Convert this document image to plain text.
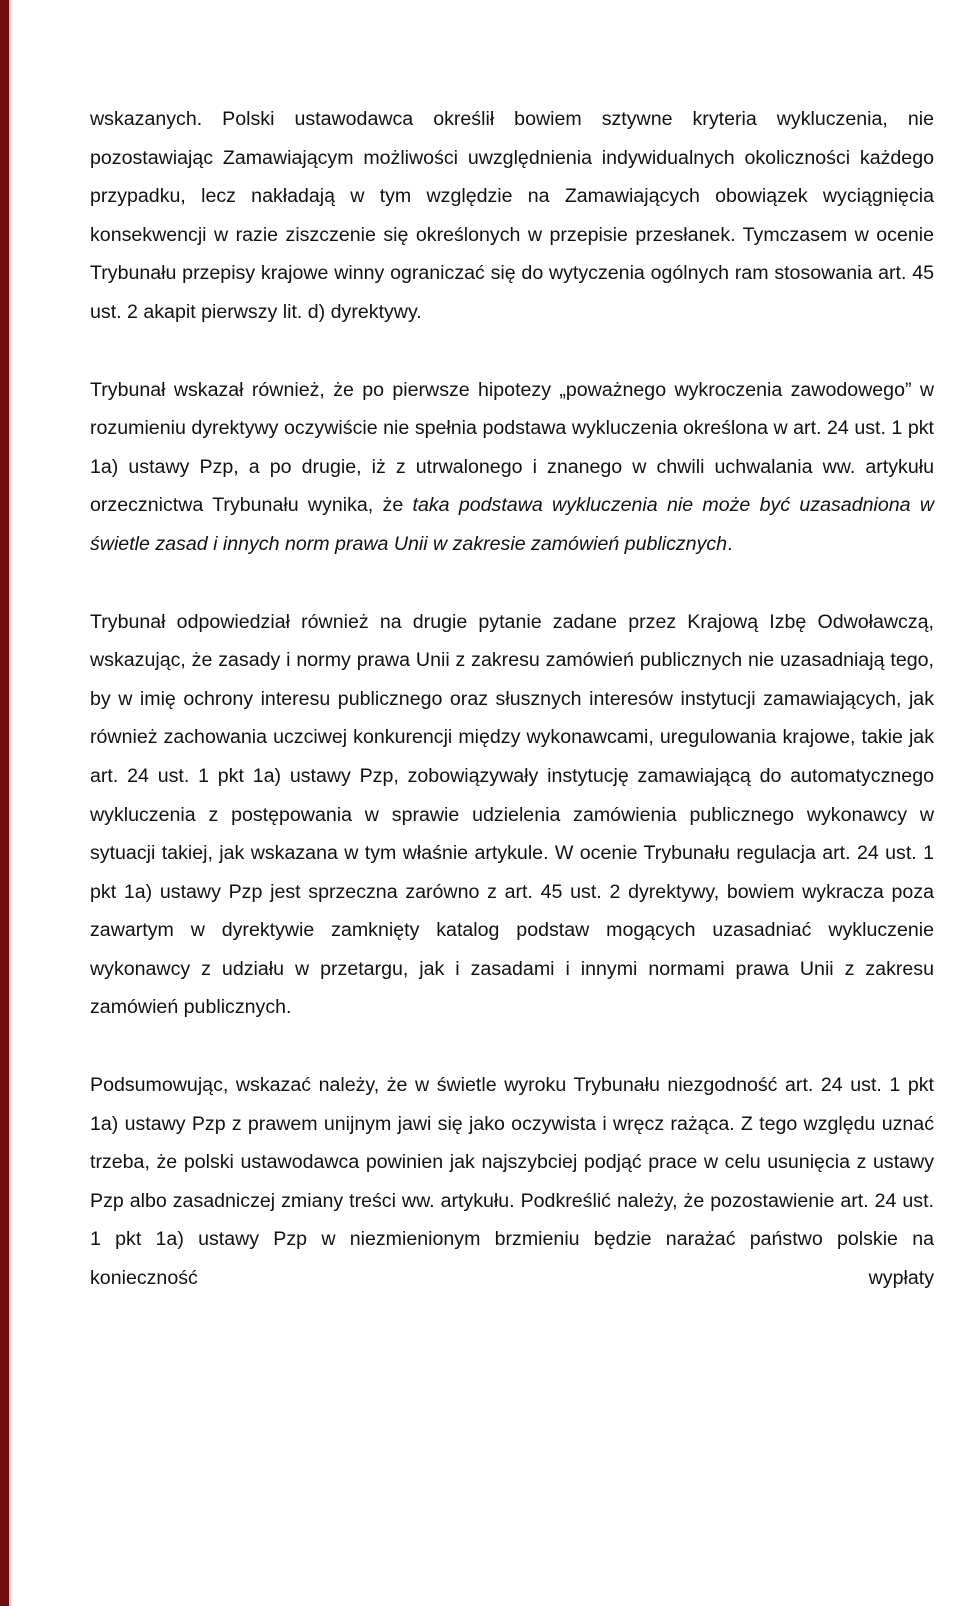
wskazanych. Polski ustawodawca określił bowiem sztywne kryteria wykluczenia, nie pozostawiając Zamawiającym możliwości uwzględnienia indywidualnych okoliczności każdego przypadku, lecz nakładają w tym względzie na Zamawiających obowiązek wyciągnięcia konsekwencji w razie ziszczenie się określonych w przepisie przesłanek. Tymczasem w ocenie Trybunału przepisy krajowe winny ograniczać się do wytyczenia ogólnych ram stosowania art. 45 ust. 2 akapit pierwszy lit. d) dyrektywy.

Trybunał wskazał również, że po pierwsze hipotezy „poważnego wykroczenia zawodowego” w rozumieniu dyrektywy oczywiście nie spełnia podstawa wykluczenia określona w art. 24 ust. 1 pkt 1a) ustawy Pzp, a po drugie, iż z utrwalonego i znanego w chwili uchwalania ww. artykułu orzecznictwa Trybunału wynika, że taka podstawa wykluczenia nie może być uzasadniona w świetle zasad i innych norm prawa Unii w zakresie zamówień publicznych.

Trybunał odpowiedział również na drugie pytanie zadane przez Krajową Izbę Odwoławczą, wskazując, że zasady i normy prawa Unii z zakresu zamówień publicznych nie uzasadniają tego, by w imię ochrony interesu publicznego oraz słusznych interesów instytucji zamawiających, jak również zachowania uczciwej konkurencji między wykonawcami, uregulowania krajowe, takie jak art. 24 ust. 1 pkt 1a) ustawy Pzp, zobowiązywały instytucję zamawiającą do automatycznego wykluczenia z postępowania w sprawie udzielenia zamówienia publicznego wykonawcy w sytuacji takiej, jak wskazana w tym właśnie artykule. W ocenie Trybunału regulacja art. 24 ust. 1 pkt 1a) ustawy Pzp jest sprzeczna zarówno z art. 45 ust. 2 dyrektywy, bowiem wykracza poza zawartym w dyrektywie zamknięty katalog podstaw mogących uzasadniać wykluczenie wykonawcy z udziału w przetargu, jak i zasadami i innymi normami prawa Unii z zakresu zamówień publicznych.

Podsumowując, wskazać należy, że w świetle wyroku Trybunału niezgodność art. 24 ust. 1 pkt 1a) ustawy Pzp z prawem unijnym jawi się jako oczywista i wręcz rażąca. Z tego względu uznać trzeba, że polski ustawodawca powinien jak najszybciej podjąć prace w celu usunięcia z ustawy Pzp albo zasadniczej zmiany treści ww. artykułu. Podkreślić należy, że pozostawienie art. 24 ust. 1 pkt 1a) ustawy Pzp w niezmienionym brzmieniu będzie narażać państwo polskie na konieczność wypłaty
